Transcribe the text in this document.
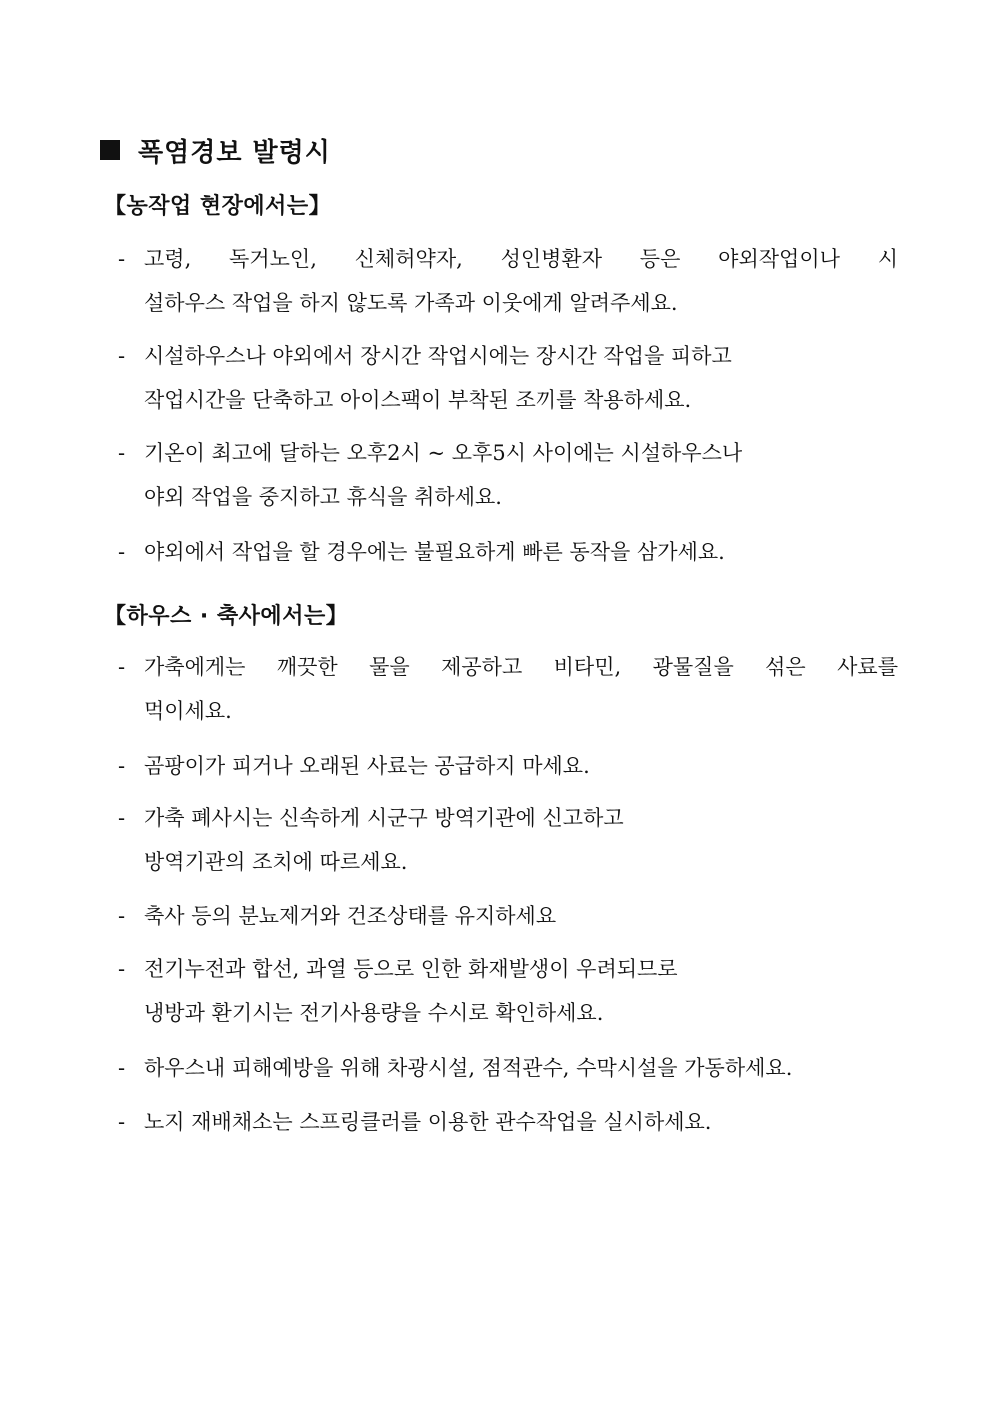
폭염경보 발령시
【농작업 현장에서는】
- 고령, 독거노인, 신체허약자, 성인병환자 등은 야외작업이나 시
설하우스 작업을 하지 않도록 가족과 이웃에게 알려주세요.
- 시설하우스나 야외에서 장시간 작업시에는 장시간 작업을 피하고
작업시간을 단축하고 아이스팩이 부착된 조끼를 착용하세요.
- 기온이 최고에 달하는 오후2시 ~ 오후5시 사이에는 시설하우스나
야외 작업을 중지하고 휴식을 취하세요.
- 야외에서 작업을 할 경우에는 불필요하게 빠른 동작을 삼가세요.
【하우스 · 축사에서는】
- 가축에게는 깨끗한 물을 제공하고 비타민, 광물질을 섞은 사료를
먹이세요.
- 곰팡이가 피거나 오래된 사료는 공급하지 마세요.
- 가축 폐사시는 신속하게 시군구 방역기관에 신고하고
방역기관의 조치에 따르세요.
- 축사 등의 분뇨제거와 건조상태를 유지하세요
- 전기누전과 합선, 과열 등으로 인한 화재발생이 우려되므로
냉방과 환기시는 전기사용량을 수시로 확인하세요.
- 하우스내 피해예방을 위해 차광시설, 점적관수, 수막시설을 가동하세요.
- 노지 재배채소는 스프링클러를 이용한 관수작업을 실시하세요.
